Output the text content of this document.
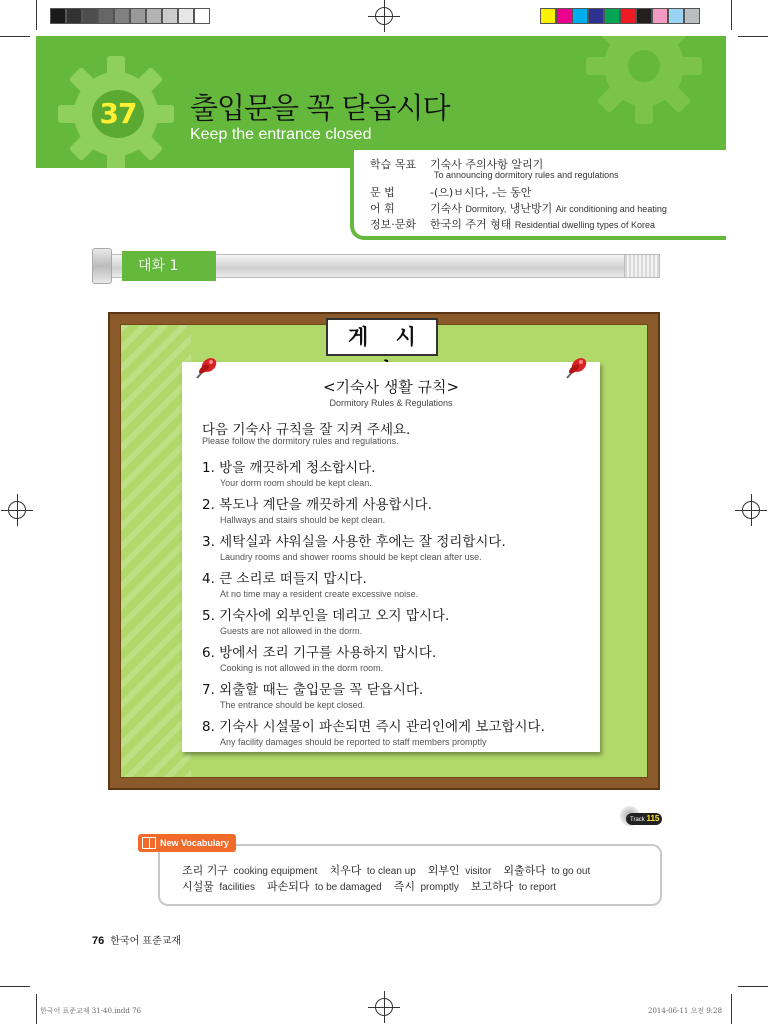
37 출입문을 꼭 닫읍시다
Keep the entrance closed
학습 목표 기숙사 주의사항 알리기
To announcing dormitory rules and regulations
문 법	-(으)ㅂ시다, -는 동안
어 휘	기숙사 Dormitory, 냉난방기 Air conditioning and heating
정보·문화 한국의 주거 형태 Residential dwelling types of Korea
대화 1
게 시
<기숙사 생활 규칙>
Dormitory Rules & Regulations
다음 기숙사 규칙을 잘 지켜 주세요.
Please follow the dormitory rules and regulations.
1. 방을 깨끗하게 청소합시다.
Your dorm room should be kept clean.
2. 복도나 계단을 깨끗하게 사용합시다.
Hallways and stairs should be kept clean.
3. 세탁실과 샤워실을 사용한 후에는 잘 정리합시다.
Laundry rooms and shower rooms should be kept clean after use.
4. 큰 소리로 떠들지 맙시다.
At no time may a resident create excessive noise.
5. 기숙사에 외부인을 데리고 오지 맙시다.
Guests are not allowed in the dorm.
6. 방에서 조리 기구를 사용하지 맙시다.
Cooking is not allowed in the dorm room.
7. 외출할 때는 출입문을 꼭 닫읍시다.
The entrance should be kept closed.
8. 기숙사 시설물이 파손되면 즉시 관리인에게 보고합시다.
Any facility damages should be reported to staff members promptly
Track 115
조리 기구 cooking equipment 치우다 to clean up 외부인 visitor 외출하다 to go out
시설물 facilities 파손되다 to be damaged 즉시 promptly 보고하다 to report
New Vocabulary
76 한국어 표준교재
한국어 표준교재 31-40.indd 76	2014-06-11 오전 9:28
